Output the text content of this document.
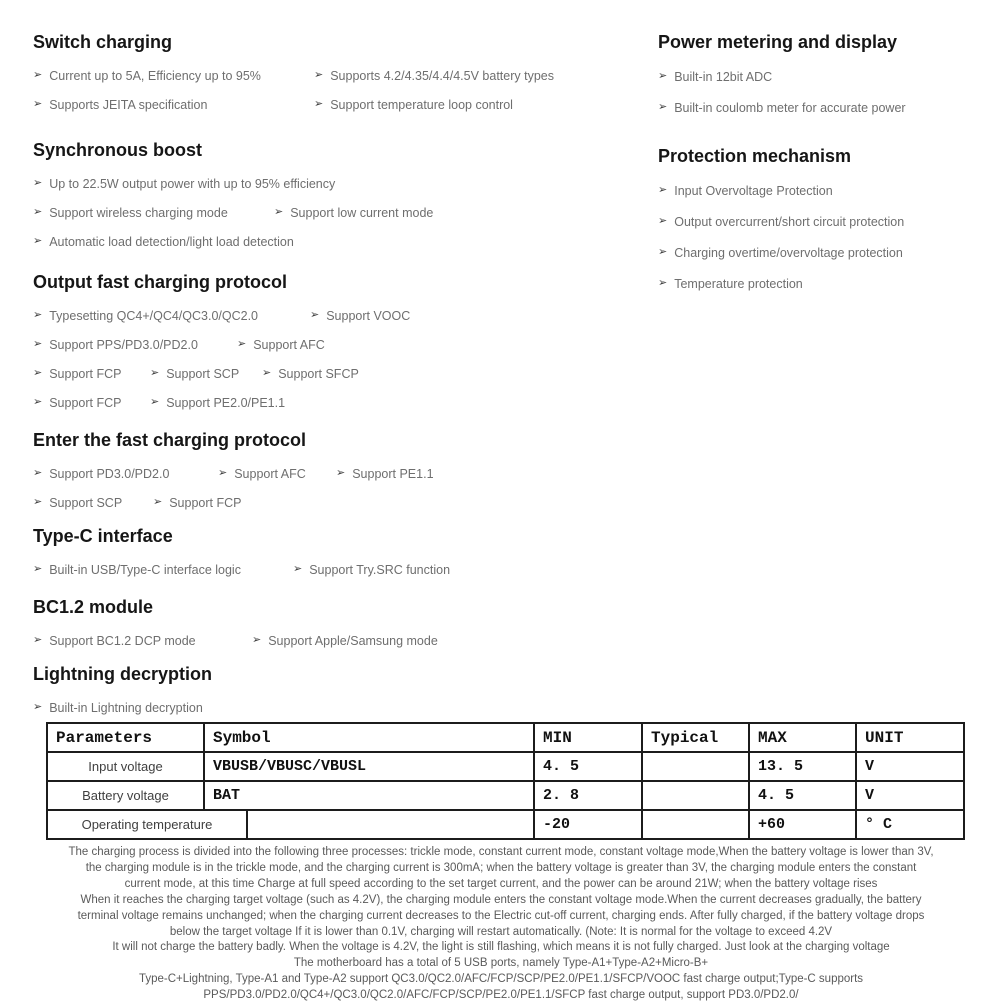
Switch charging
➢ Current up to 5A, Efficiency up to 95%	➢ Supports 4.2/4.35/4.4/4.5V battery types
➢ Supports JEITA specification	➢ Support temperature loop control
Synchronous boost
➢ Up to 22.5W output power with up to 95% efficiency
➢ Support wireless charging mode	➢ Support low current mode
➢ Automatic load detection/light load detection
Output fast charging protocol
➢ Typesetting QC4+/QC4/QC3.0/QC2.0	➢ Support VOOC
➢ Support PPS/PD3.0/PD2.0	➢ Support AFC
➢ Support FCP	➢ Support SCP ➢ Support SFCP
➢ Support FCP	➢ Support PE2.0/PE1.1
Enter the fast charging protocol
➢ Support PD3.0/PD2.0	➢ Support AFC	➢ Support PE1.1
➢ Support SCP	➢ Support FCP
Type-C interface
➢ Built-in USB/Type-C interface logic	➢ Support Try.SRC function
BC1.2 module
➢ Support BC1.2 DCP mode	➢ Support Apple/Samsung mode
Lightning decryption
➢ Built-in Lightning decryption
Power metering and display
➢ Built-in 12bit ADC
➢ Built-in coulomb meter for accurate power
Protection mechanism
➢ Input Overvoltage Protection
➢ Output overcurrent/short circuit protection
➢ Charging overtime/overvoltage protection
➢ Temperature protection
Parameters	Symbol		MIN	Typical	MAX	UNIT
Input voltage	VBUSB/VBUSC/VBUSL		4. 5		13. 5	V
Battery voltage	BAT		2. 8		4. 5	V
Operating temperature			-20		+60	° C
The charging process is divided into the following three processes: trickle mode, constant current mode, constant voltage mode,When the battery voltage is lower than 3V,
the charging module is in the trickle mode, and the charging current is 300mA; when the battery voltage is greater than 3V, the charging module enters the constant
current mode, at this time Charge at full speed according to the set target current, and the power can be around 21W; when the battery voltage rises
When it reaches the charging target voltage (such as 4.2V), the charging module enters the constant voltage mode.When the current decreases gradually, the battery
terminal voltage remains unchanged; when the charging current decreases to the Electric cut-off current, charging ends. After fully charged, if the battery voltage drops
below the target voltage If it is lower than 0.1V, charging will restart automatically. (Note: It is normal for the voltage to exceed 4.2V
It will not charge the battery badly. When the voltage is 4.2V, the light is still flashing, which means it is not fully charged. Just look at the charging voltage
The motherboard has a total of 5 USB ports, namely Type-A1+Type-A2+Micro-B+
Type-C+Lightning, Type-A1 and Type-A2 support QC3.0/QC2.0/AFC/FCP/SCP/PE2.0/PE1.1/SFCP/VOOC fast charge output;Type-C supports
PPS/PD3.0/PD2.0/QC4+/QC3.0/QC2.0/AFC/FCP/SCP/PE2.0/PE1.1/SFCP fast charge output, support PD3.0/PD2.0/
